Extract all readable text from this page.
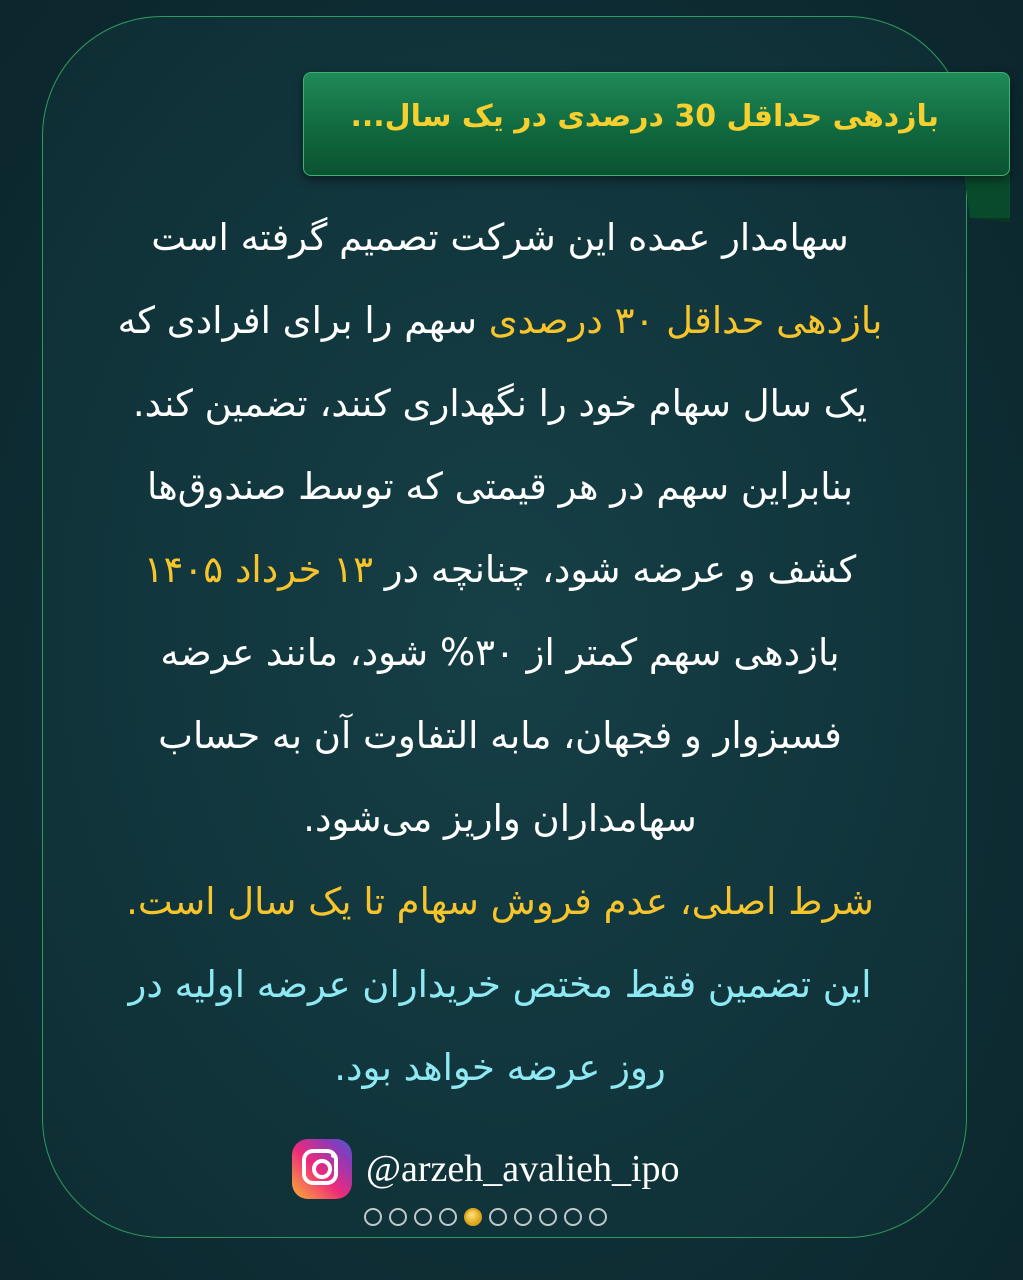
بازدهی حداقل 30 درصدی در یک سال...
سهامدار عمده این شرکت تصمیم گرفته است
بازدهی حداقل ۳۰ درصدی سهم را برای افرادی که
یک سال سهام خود را نگهداری کنند، تضمین کند.
بنابراین سهم در هر قیمتی که توسط صندوق‌ها
کشف و عرضه شود، چنانچه در ۱۳ خرداد ۱۴۰۵
بازدهی سهم کمتر از ۳۰% شود، مانند عرضه
فسبزوار و فجهان، مابه التفاوت آن به حساب
سهامداران واریز می‌شود.
شرط اصلی، عدم فروش سهام تا یک سال است.
این تضمین فقط مختص خریداران عرضه اولیه در
روز عرضه خواهد بود.
@arzeh_avalieh_ipo
